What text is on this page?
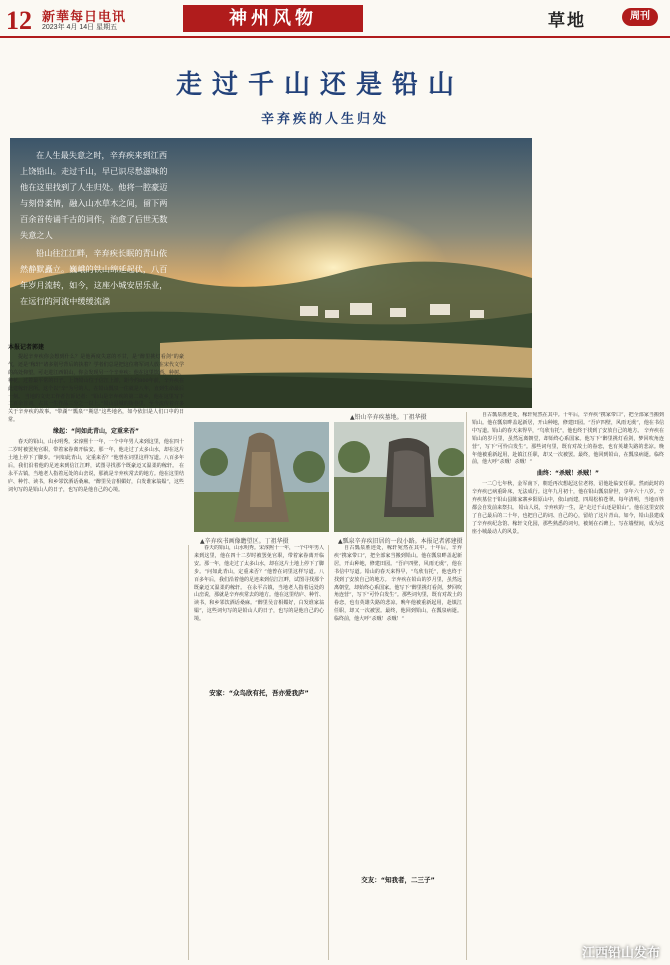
12 新華每日电讯
2023年 4月 14日 星期五	神州风物	草地	周刊
走过千山还是铅山
辛弃疾的人生归处

在人生最失意之时，辛弃疾来到江西上饶铅山。走过千山，早已识尽愁滋味的他在这里找到了人生归处。他将一腔豪迈与刻骨柔情，融入山水草木之间，留下两百余首传诵千古的词作，治愈了后世无数失意之人

铅山往江江畔，辛弃疾长眠的青山依然静默矗立。巍峨的铁山绵延起伏，八百年岁月流转，如今，这座小城安居乐业，在远行的河流中缓缓流淌

▲铅山辛弃疾墓地。丁祖华摄
▲辛弃疾书画像瞻望区。丁祖华摄	▲瓢泉辛弃疾旧居的一段小路。本报记者郭建摄

本报记者郭建

提起辛弃疾你会想到什么？是他两度失意的不甘，是“醉里挑灯看剑”的豪气，还是“稼轩”诸多别号背后的执着？学者们总是把这位将军词人放在宋代文学的高处仰望，可走进江西铅山，你会发现另一个辛弃疾：他在这里饮酒、种树、种花，过着最平常的日子。上饶铅山位于信江上游，距今约800年前，辛弃疾在此建稼轩居所。这个以“辛”为号的人，在铅山瓢泉一住就是八年，直到生命最后一刻。 当地的文史工作者告诉记者：“铅山是辛弃疾的第二故乡，他在这里写下二百余首词，占其一生作品三分之一以上。”铅山县城的街巷里，至今流传着许多关于辛弃疾的故事。“带湖”“瓢泉”“期思”这些地名，如今依旧是人们口中的日常。

缘起：“问如此青山，定重来否”

春天的铅山，山水明秀。宋淳熙十一年，一个中年男人来到这里，他在四十二岁时被罢免官职，带着家眷离开临安。那一年，他走过了太多山水，却在这片土地上停下了脚步。“问如此青山，定重来否？”他曾在词里这样写道。八百多年后，我们沿着他的足迹来到信江江畔，试图寻找那个既豪迈又温柔的稼轩。 在永平古镇，当地老人指着远处的山峦说，那就是辛弃疾常去的地方。他在这里结庐、种竹、读书，和乡邻饮酒话桑麻。“醉里吴音相媚好，白发谁家翁媪”，这些词句写的是铅山人的日子，也写的是他自己的心境。

春天的铅山，山水明秀。宋淳熙十一年，一个中年男人来到这里，他在四十二岁时被罢免官职，带着家眷离开临安。那一年，他走过了太多山水，却在这片土地上停下了脚步。“问如此青山，定重来否？”他曾在词里这样写道。八百多年后，我们沿着他的足迹来到信江江畔，试图寻找那个既豪迈又温柔的稼轩。 在永平古镇，当地老人指着远处的山峦说，那就是辛弃疾常去的地方。他在这里结庐、种竹、读书，和乡邻饮酒话桑麻。“醉里吴音相媚好，白发谁家翁媪”，这些词句写的是铅山人的日子，也写的是他自己的心境。

自古瓢泉胜迹处，稼轩宛然在其中。十年后，辛弃疾“携家带口”，把全部家当搬到铅山。他在瓢泉畔盖起新居，开山种地，修建田园。“吾庐四壁，风雨无虞”，他在书信中写道。铅山的春天来得早，“鸟欣有托”，他也终于找到了安放自己的地方。 辛弃疾在铅山的岁月里，虽然远离朝堂，却始终心系国家。他写下“醉里挑灯看剑，梦回吹角连营”，写下“可怜白发生”。那些词句里，既有对故土的眷恋，也有英雄失路的悲凉。晚年他被重新起用，赴镇江任职，却又一次被罢。最终，他回到铅山，在瓢泉病逝。临终前，他大呼“杀贼！杀贼！”

安家：“众鸟欣有托，吾亦爱我庐”
交友：“知我者，二三子”

自古瓢泉胜迹处，稼轩宛然在其中。十年后，辛弃疾“携家带口”，把全部家当搬到铅山。他在瓢泉畔盖起新居，开山种地，修建田园。“吾庐四壁，风雨无虞”，他在书信中写道。铅山的春天来得早，“鸟欣有托”，他也终于找到了安放自己的地方。 辛弃疾在铅山的岁月里，虽然远离朝堂，却始终心系国家。他写下“醉里挑灯看剑，梦回吹角连营”，写下“可怜白发生”。那些词句里，既有对故土的眷恋，也有英雄失路的悲凉。晚年他被重新起用，赴镇江任职，却又一次被罢。最终，他回到铅山，在瓢泉病逝。临终前，他大呼“杀贼！杀贼！”

曲终：“杀贼！杀贼！”

一二〇七年秋，金军南下，朝廷再次想起这位老将，诏他赴临安任职。然而此时的辛弃疾已病重卧床，无法成行。这年九月初十，他在铅山瓢泉辞世，享年六十八岁。辛弃疾墓位于铅山县陈家寨乡阳原山中，依山而建，四周松柏苍翠。每年清明，当地百姓都会自发前来祭扫。 铅山人说，辛弃疾的一生，是“走过千山还是铅山”。他在这里安放了自己最后的二十年，也把自己的词、自己的心，留给了这片青山。如今，铅山县建成了辛弃疾纪念馆、稼轩文化园，那些熟悉的词句，被刻在石碑上、写在墙壁间，成为这座小城最动人的风景。

江西铅山发布
